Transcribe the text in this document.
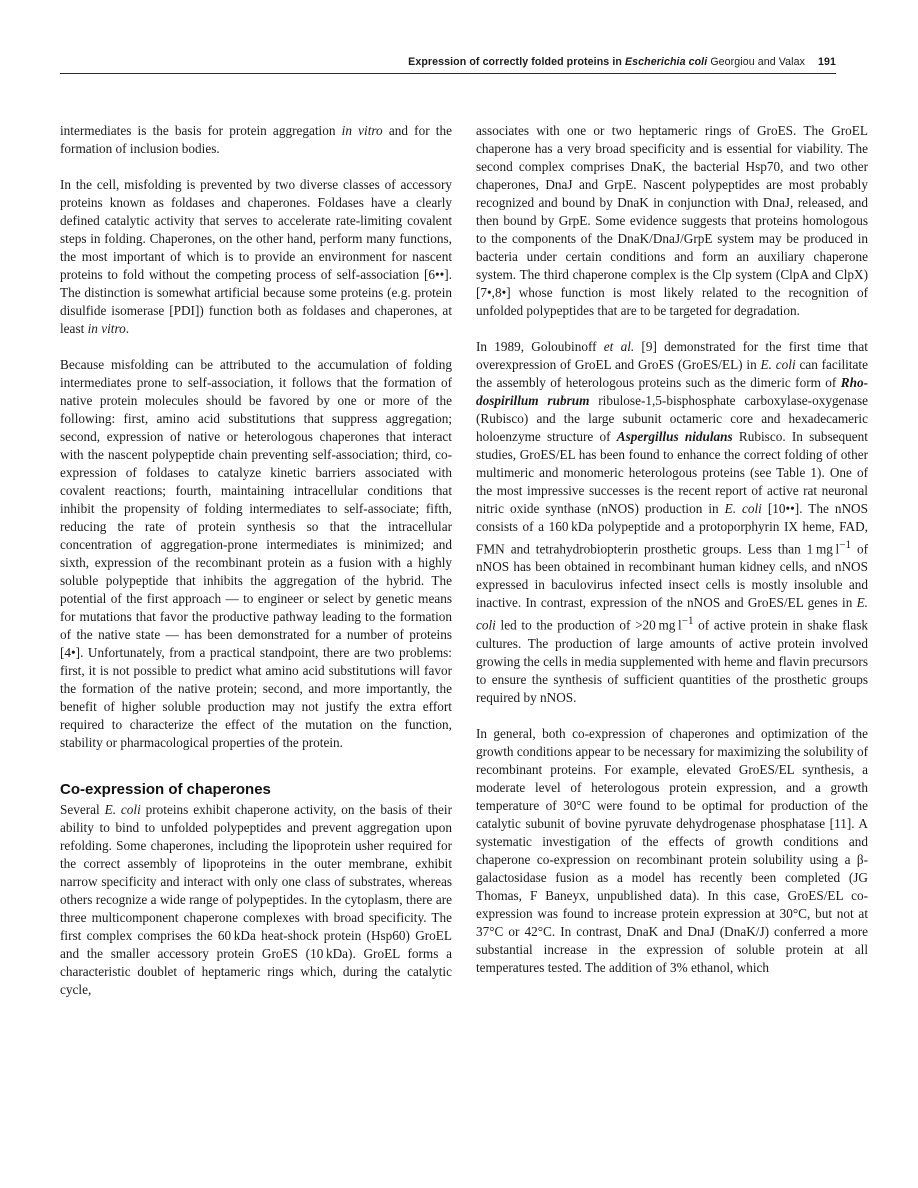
Expression of correctly folded proteins in Escherichia coli Georgiou and Valax 191

intermediates is the basis for protein aggregation in vitro and for the formation of inclusion bodies.

In the cell, misfolding is prevented by two diverse classes of accessory proteins known as foldases and chaperones. Foldases have a clearly defined catalytic activity that serves to accelerate rate-limiting covalent steps in folding. Chaperones, on the other hand, perform many functions, the most important of which is to provide an environment for nascent proteins to fold without the competing process of self-association [6••]. The distinction is somewhat artificial because some proteins (e.g. protein disulfide isomerase [PDI]) function both as foldases and chaperones, at least in vitro.

Because misfolding can be attributed to the accumulation of folding intermediates prone to self-association, it follows that the formation of native protein molecules should be favored by one or more of the following: first, amino acid substitutions that suppress aggregation; second, expression of native or heterologous chaperones that interact with the nascent polypeptide chain preventing self-association; third, co-expression of foldases to catalyze kinetic barriers associated with covalent reactions; fourth, maintaining intracellular conditions that inhibit the propensity of folding intermediates to self-associate; fifth, reducing the rate of protein synthesis so that the intracellular concentration of aggregation-prone intermediates is minimized; and sixth, expression of the recombinant protein as a fusion with a highly soluble polypeptide that inhibits the aggregation of the hybrid. The potential of the first approach — to engineer or select by genetic means for mutations that favor the productive pathway leading to the formation of the native state — has been demonstrated for a number of proteins [4•]. Unfortunately, from a practical standpoint, there are two problems: first, it is not possible to predict what amino acid substitutions will favor the formation of the native protein; second, and more importantly, the benefit of higher soluble production may not justify the extra effort required to characterize the effect of the mutation on the function, stability or pharmacological properties of the protein.

Co-expression of chaperones

Several E. coli proteins exhibit chaperone activity, on the basis of their ability to bind to unfolded polypeptides and prevent aggregation upon refolding. Some chaperones, including the lipoprotein usher required for the correct assembly of lipoproteins in the outer membrane, exhibit narrow specificity and interact with only one class of substrates, whereas others recognize a wide range of polypeptides. In the cytoplasm, there are three multicomponent chaperone complexes with broad specificity. The first complex comprises the 60 kDa heat-shock protein (Hsp60) GroEL and the smaller accessory protein GroES (10 kDa). GroEL forms a characteristic doublet of heptameric rings which, during the catalytic cycle,

associates with one or two heptameric rings of GroES. The GroEL chaperone has a very broad specificity and is essential for viability. The second complex comprises DnaK, the bacterial Hsp70, and two other chaperones, DnaJ and GrpE. Nascent polypeptides are most probably recognized and bound by DnaK in conjunction with DnaJ, released, and then bound by GrpE. Some evidence suggests that proteins homologous to the components of the DnaK/DnaJ/GrpE system may be produced in bacteria under certain conditions and form an auxiliary chaperone system. The third chaperone complex is the Clp system (ClpA and ClpX) [7•,8•] whose function is most likely related to the recognition of unfolded polypeptides that are to be targeted for degradation.

In 1989, Goloubinoff et al. [9] demonstrated for the first time that overexpression of GroEL and GroES (GroES/EL) in E. coli can facilitate the assembly of heterologous proteins such as the dimeric form of Rhodospirillum rubrum ribulose-1,5-bisphosphate carboxylase-oxygenase (Rubisco) and the large subunit octameric core and hexadecameric holoenzyme structure of Aspergillus nidulans Rubisco. In subsequent studies, GroES/EL has been found to enhance the correct folding of other multimeric and monomeric heterologous proteins (see Table 1). One of the most impressive successes is the recent report of active rat neuronal nitric oxide synthase (nNOS) production in E. coli [10••]. The nNOS consists of a 160 kDa polypeptide and a protoporphyrin IX heme, FAD, FMN and tetrahydrobiopterin prosthetic groups. Less than 1 mg $l^{-1}$ of nNOS has been obtained in recombinant human kidney cells, and nNOS expressed in baculovirus infected insect cells is mostly insoluble and inactive. In contrast, expression of the nNOS and GroES/EL genes in E. coli led to the production of >20 mg $l^{-1}$ of active protein in shake flask cultures. The production of large amounts of active protein involved growing the cells in media supplemented with heme and flavin precursors to ensure the synthesis of sufficient quantities of the prosthetic groups required by nNOS.

In general, both co-expression of chaperones and optimization of the growth conditions appear to be necessary for maximizing the solubility of recombinant proteins. For example, elevated GroES/EL synthesis, a moderate level of heterologous protein expression, and a growth temperature of 30°C were found to be optimal for production of the catalytic subunit of bovine pyruvate dehydrogenase phosphatase [11]. A systematic investigation of the effects of growth conditions and chaperone co-expression on recombinant protein solubility using a β-galactosidase fusion as a model has recently been completed (JG Thomas, F Baneyx, unpublished data). In this case, GroES/EL co-expression was found to increase protein expression at 30°C, but not at 37°C or 42°C. In contrast, DnaK and DnaJ (DnaK/J) conferred a more substantial increase in the expression of soluble protein at all temperatures tested. The addition of 3% ethanol, which
